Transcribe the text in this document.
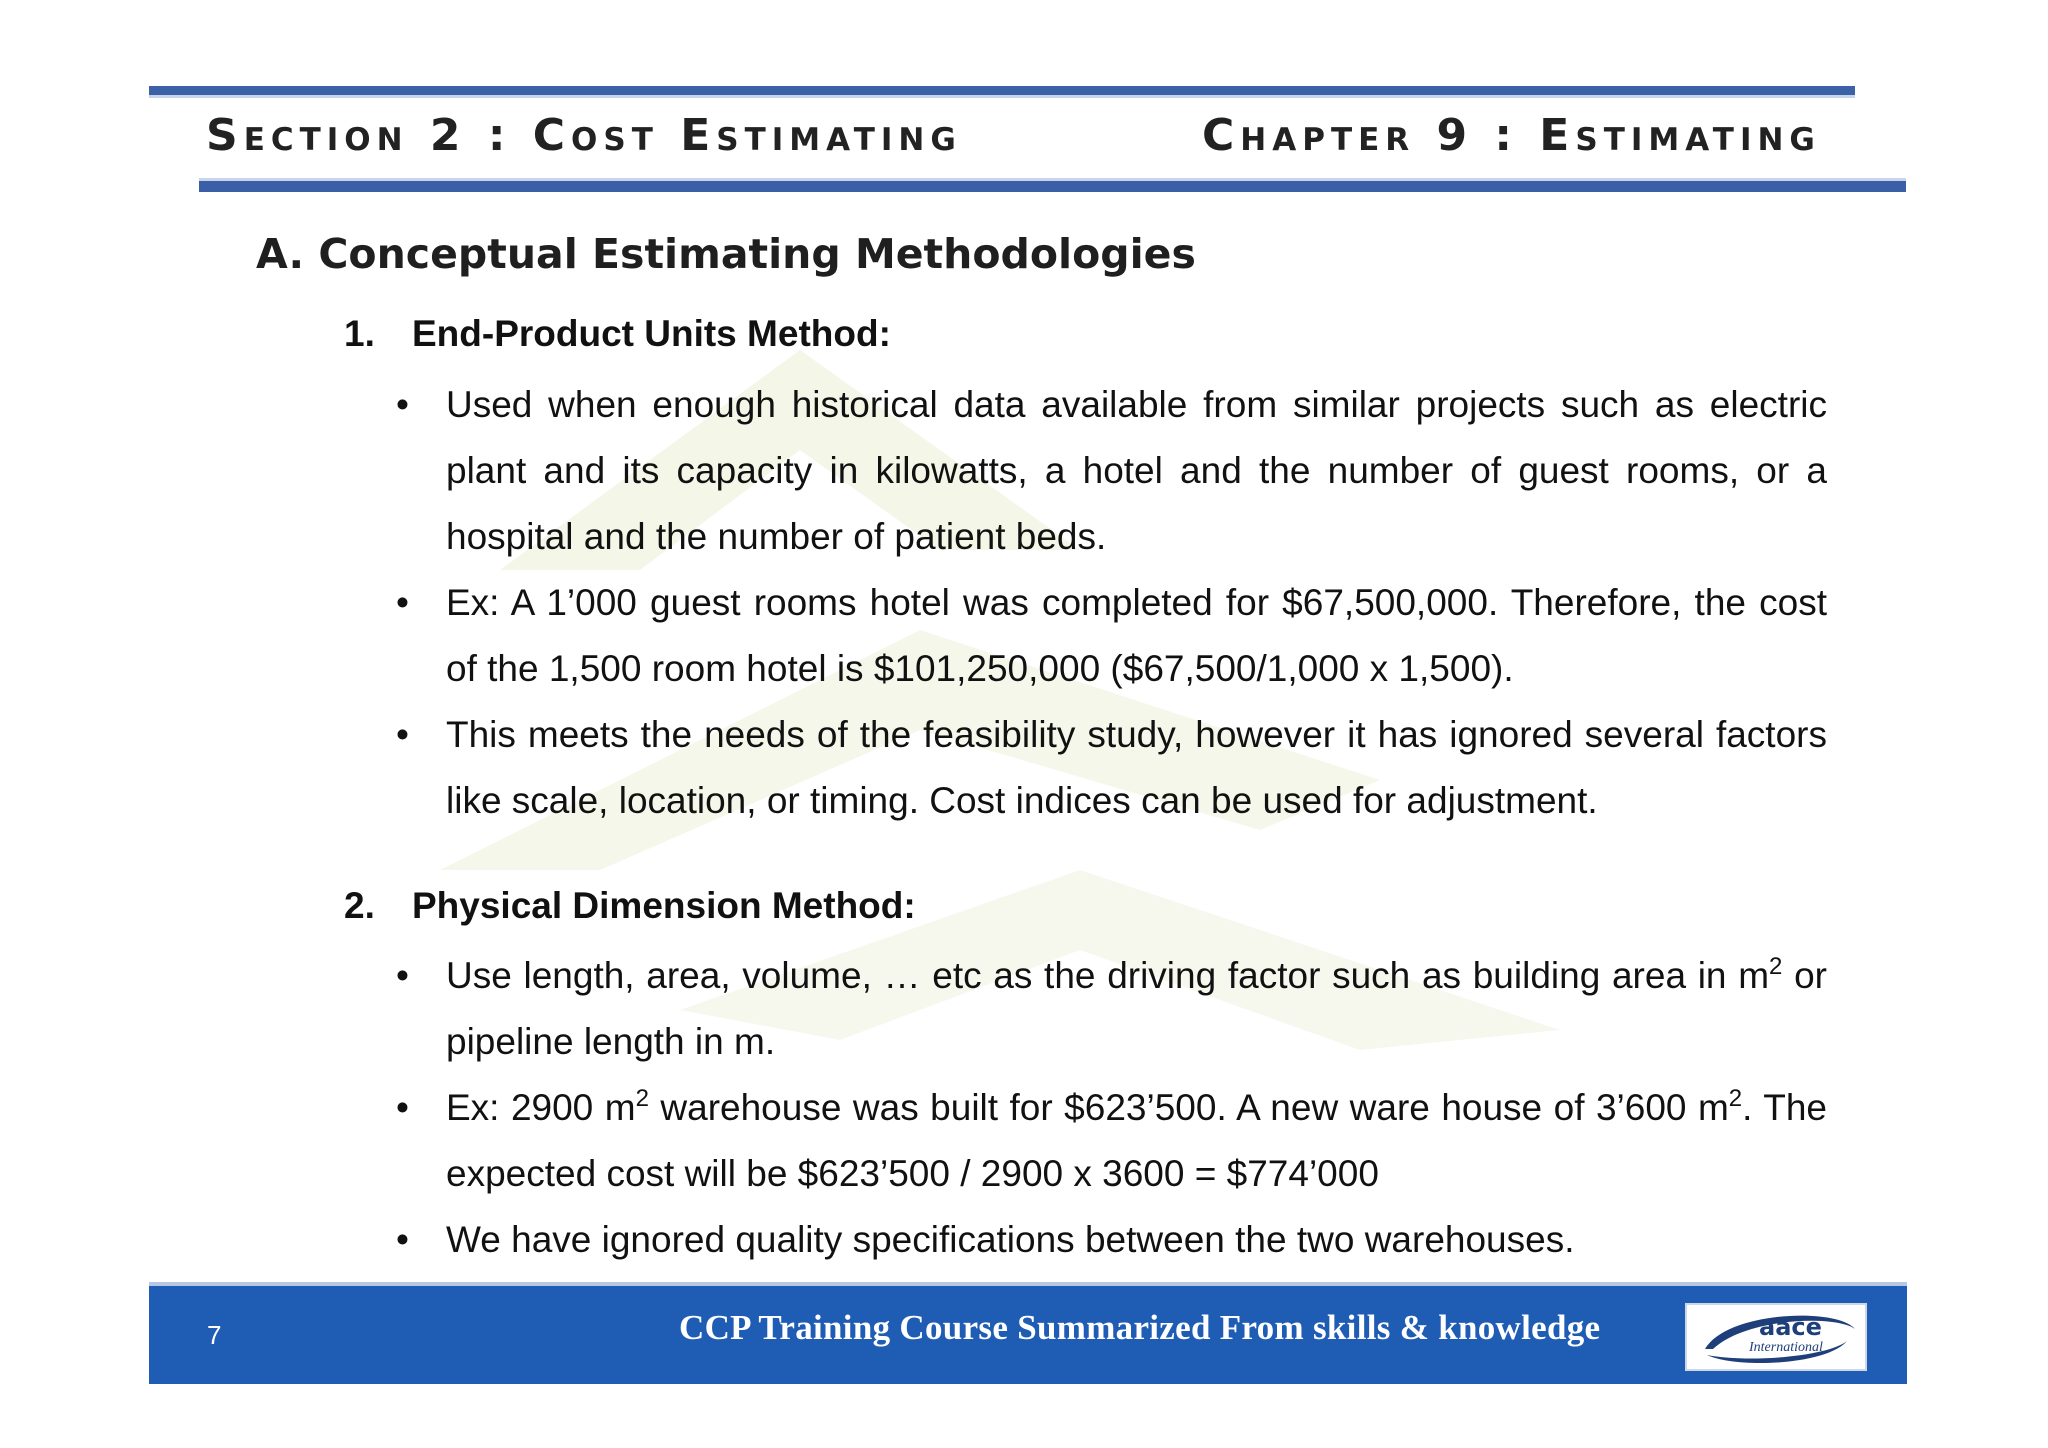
Section 2 : Cost Estimating	Chapter 9 : Estimating
A. Conceptual Estimating Methodologies
1. End-Product Units Method:

• Used when enough historical data available from similar projects such as electric plant and its capacity in kilowatts, a hotel and the number of guest rooms, or a hospital and the number of patient beds.

• Ex: A 1’000 guest rooms hotel was completed for $67,500,000. Therefore, the cost of the 1,500 room hotel is $101,250,000 ($67,500/1,000 x 1,500).

• This meets the needs of the feasibility study, however it has ignored several factors like scale, location, or timing. Cost indices can be used for adjustment.

2. Physical Dimension Method:

• Use length, area, volume, … etc as the driving factor such as building area in $m^2$ or pipeline length in m.

• Ex: 2900 $m^2$ warehouse was built for $623’500. A new ware house of 3’600 $m^2$. The expected cost will be $623’500 / 2900 x 3600 = $774’000

• We have ignored quality specifications between the two warehouses.

7	CCP Training Course Summarized From skills & knowledge	aace
International
